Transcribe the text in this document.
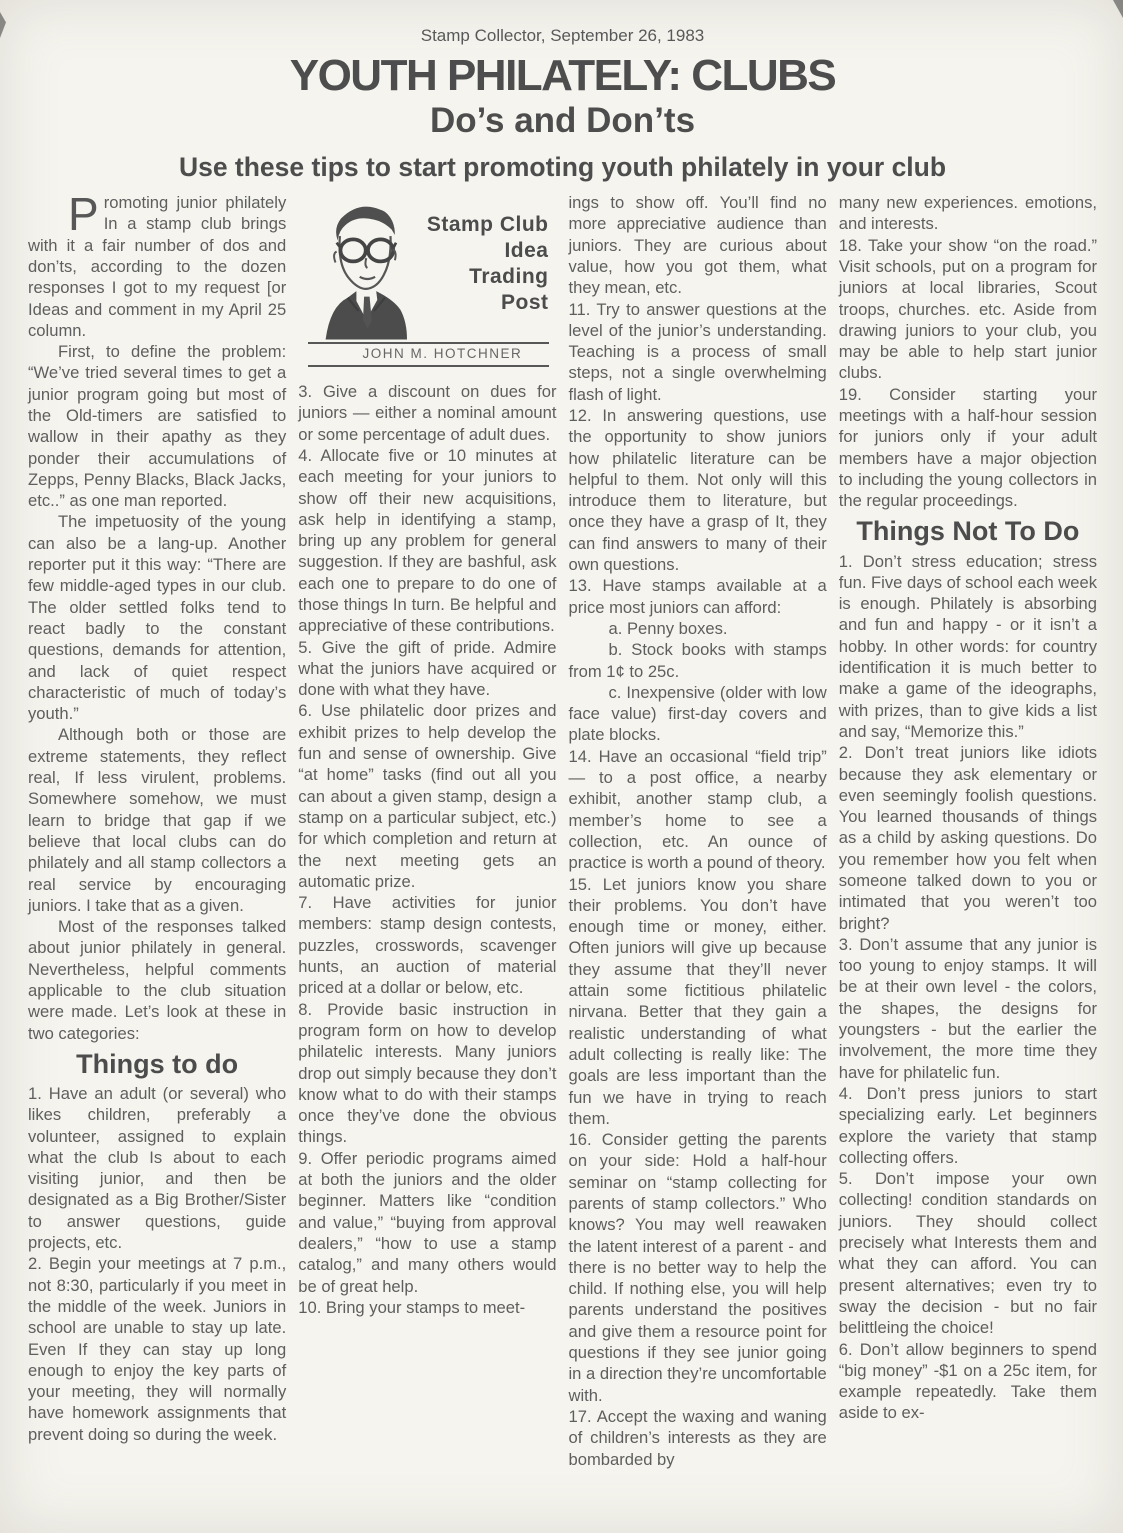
Stamp Collector, September 26, 1983
YOUTH PHILATELY: CLUBS
Do’s and Don’ts
Use these tips to start promoting youth philately in your club

Promoting junior philately In a stamp club brings with it a fair number of dos and don’ts, according to the dozen responses I got to my request [or Ideas and comment in my April 25 column.

First, to define the problem: “We’ve tried several times to get a junior program going but most of the Old-timers are satisfied to wallow in their apathy as they ponder their accumulations of Zepps, Penny Blacks, Black Jacks, etc..” as one man reported.

The impetuosity of the young can also be a lang-up. Another reporter put it this way: “There are few middle-aged types in our club. The older settled folks tend to react badly to the constant questions, demands for attention, and lack of quiet respect characteristic of much of today’s youth.”

Although both or those are extreme statements, they reflect real, If less virulent, problems. Somewhere somehow, we must learn to bridge that gap if we believe that local clubs can do philately and all stamp collectors a real service by encouraging juniors. I take that as a given.

Most of the responses talked about junior philately in general. Nevertheless, helpful comments applicable to the club situation were made. Let’s look at these in two categories:

Things to do

1. Have an adult (or several) who likes children, preferably a volunteer, assigned to explain what the club Is about to each visiting junior, and then be designated as a Big Brother/Sister to answer questions, guide projects, etc.

2. Begin your meetings at 7 p.m., not 8:30, particularly if you meet in the middle of the week. Juniors in school are unable to stay up late. Even If they can stay up long enough to enjoy the key parts of your meeting, they will normally have homework assignments that prevent doing so during the week.

Stamp Club
Idea
Trading
Post
JOHN M. HOTCHNER

3. Give a discount on dues for juniors — either a nominal amount or some percentage of adult dues.

4. Allocate five or 10 minutes at each meeting for your juniors to show off their new acquisitions, ask help in identifying a stamp, bring up any problem for general suggestion. If they are bashful, ask each one to prepare to do one of those things In turn. Be helpful and appreciative of these contributions.

5. Give the gift of pride. Admire what the juniors have acquired or done with what they have.

6. Use philatelic door prizes and exhibit prizes to help develop the fun and sense of ownership. Give “at home” tasks (find out all you can about a given stamp, design a stamp on a particular subject, etc.) for which completion and return at the next meeting gets an automatic prize.

7. Have activities for junior members: stamp design contests, puzzles, crosswords, scavenger hunts, an auction of material priced at a dollar or below, etc.

8. Provide basic instruction in program form on how to develop philatelic interests. Many juniors drop out simply because they don’t know what to do with their stamps once they’ve done the obvious things.

9. Offer periodic programs aimed at both the juniors and the older beginner. Matters like “condition and value,” “buying from approval dealers,” “how to use a stamp catalog,” and many others would be of great help.

10. Bring your stamps to meet-

ings to show off. You’ll find no more appreciative audience than juniors. They are curious about value, how you got them, what they mean, etc.

11. Try to answer questions at the level of the junior’s understanding. Teaching is a process of small steps, not a single overwhelming flash of light.

12. In answering questions, use the opportunity to show juniors how philatelic literature can be helpful to them. Not only will this introduce them to literature, but once they have a grasp of It, they can find answers to many of their own questions.

13. Have stamps available at a price most juniors can afford:

a. Penny boxes.

b. Stock books with stamps from 1¢ to 25c.

c. Inexpensive (older with low face value) first-day covers and plate blocks.

14. Have an occasional “field trip” — to a post office, a nearby exhibit, another stamp club, a member’s home to see a collection, etc. An ounce of practice is worth a pound of theory.

15. Let juniors know you share their problems. You don’t have enough time or money, either. Often juniors will give up because they assume that they’ll never attain some fictitious philatelic nirvana. Better that they gain a realistic understanding of what adult collecting is really like: The goals are less important than the fun we have in trying to reach them.

16. Consider getting the parents on your side: Hold a half-hour seminar on “stamp collecting for parents of stamp collectors.” Who knows? You may well reawaken the latent interest of a parent - and there is no better way to help the child. If nothing else, you will help parents understand the positives and give them a resource point for questions if they see junior going in a direction they’re uncomfortable with.

17. Accept the waxing and waning of children’s interests as they are bombarded by

many new experiences. emotions, and interests.

18. Take your show “on the road.” Visit schools, put on a program for juniors at local libraries, Scout troops, churches. etc. Aside from drawing juniors to your club, you may be able to help start junior clubs.

19. Consider starting your meetings with a half-hour session for juniors only if your adult members have a major objection to including the young collectors in the regular proceedings.

Things Not To Do

1. Don’t stress education; stress fun. Five days of school each week is enough. Philately is absorbing and fun and happy - or it isn’t a hobby. In other words: for country identification it is much better to make a game of the ideographs, with prizes, than to give kids a list and say, “Memorize this.”

2. Don’t treat juniors like idiots because they ask elementary or even seemingly foolish questions. You learned thousands of things as a child by asking questions. Do you remember how you felt when someone talked down to you or intimated that you weren’t too bright?

3. Don’t assume that any junior is too young to enjoy stamps. It will be at their own level - the colors, the shapes, the designs for youngsters - but the earlier the involvement, the more time they have for philatelic fun.

4. Don’t press juniors to start specializing early. Let beginners explore the variety that stamp collecting offers.

5. Don’t impose your own collecting! condition standards on juniors. They should collect precisely what Interests them and what they can afford. You can present alternatives; even try to sway the decision - but no fair belittleing the choice!

6. Don’t allow beginners to spend “big money” -$1 on a 25c item, for example repeatedly. Take them aside to ex-
